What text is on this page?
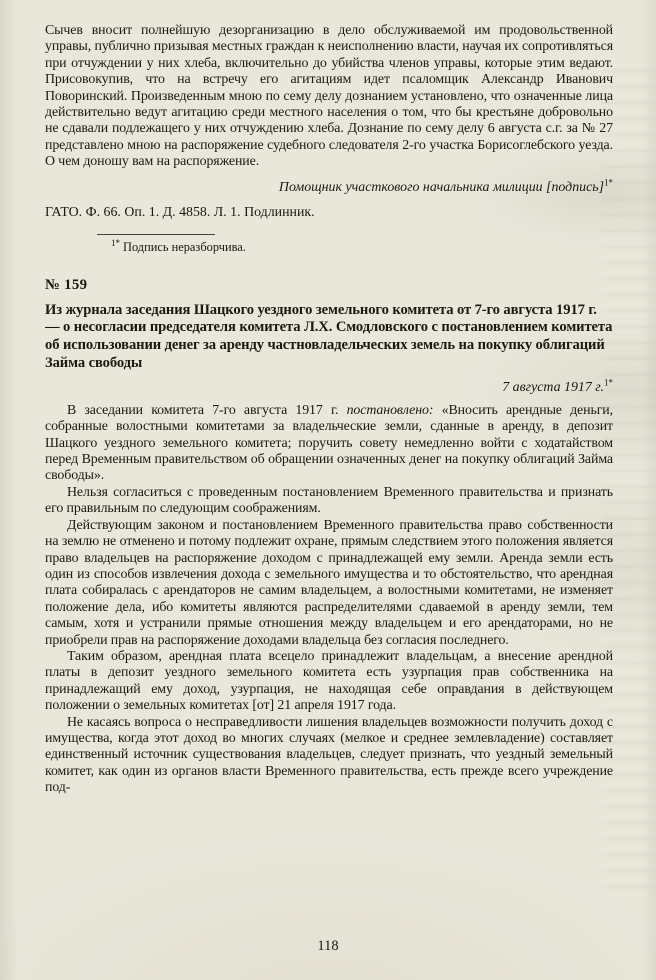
Сычев вносит полнейшую дезорганизацию в дело обслуживаемой им продовольственной управы, публично призывая местных граждан к неисполнению власти, научая их сопротивляться при отчуждении у них хлеба, включительно до убийства членов управы, которые этим ведают. Присовокупив, что на встречу его агитациям идет псаломщик Александр Иванович Поворинский. Произведенным мною по сему делу дознанием установлено, что означенные лица действительно ведут агитацию среди местного населения о том, что бы крестьяне добровольно не сдавали подлежащего у них отчуждению хлеба. Дознание по сему делу 6 августа с.г. за № 27 представлено мною на распоряжение судебного следователя 2-го участка Борисоглебского уезда. О чем доношу вам на распоряжение.

Помощник участкового начальника милиции [подпись]$^{1*}$

ГАТО. Ф. 66. Оп. 1. Д. 4858. Л. 1. Подлинник.

$^{1*}$ Подпись неразборчива.

№ 159

Из журнала заседания Шацкого уездного земельного комитета от 7-го августа 1917 г. — о несогласии председателя комитета Л.Х. Смодловского с постановлением комитета об использовании денег за аренду частновладельческих земель на покупку облигаций Займа свободы

7 августа 1917 г.$^{1*}$

В заседании комитета 7-го августа 1917 г. постановлено: «Вносить арендные деньги, собранные волостными комитетами за владельческие земли, сданные в аренду, в депозит Шацкого уездного земельного комитета; поручить совету немедленно войти с ходатайством перед Временным правительством об обращении означенных денег на покупку облигаций Займа свободы».

Нельзя согласиться с проведенным постановлением Временного правительства и признать его правильным по следующим соображениям.

Действующим законом и постановлением Временного правительства право собственности на землю не отменено и потому подлежит охране, прямым следствием этого положения является право владельцев на распоряжение доходом с принадлежащей ему земли. Аренда земли есть один из способов извлечения дохода с земельного имущества и то обстоятельство, что арендная плата собиралась с арендаторов не самим владельцем, а волостными комитетами, не изменяет положение дела, ибо комитеты являются распределителями сдаваемой в аренду земли, тем самым, хотя и устранили прямые отношения между владельцем и его арендаторами, но не приобрели прав на распоряжение доходами владельца без согласия последнего.

Таким образом, арендная плата всецело принадлежит владельцам, а внесение арендной платы в депозит уездного земельного комитета есть узурпация прав собственника на принадлежащий ему доход, узурпация, не находящая себе оправдания в действующем положении о земельных комитетах [от] 21 апреля 1917 года.

Не касаясь вопроса о несправедливости лишения владельцев возможности получить доход с имущества, когда этот доход во многих случаях (мелкое и среднее землевладение) составляет единственный источник существования владельцев, следует признать, что уездный земельный комитет, как один из органов власти Временного правительства, есть прежде всего учреждение под-

118
